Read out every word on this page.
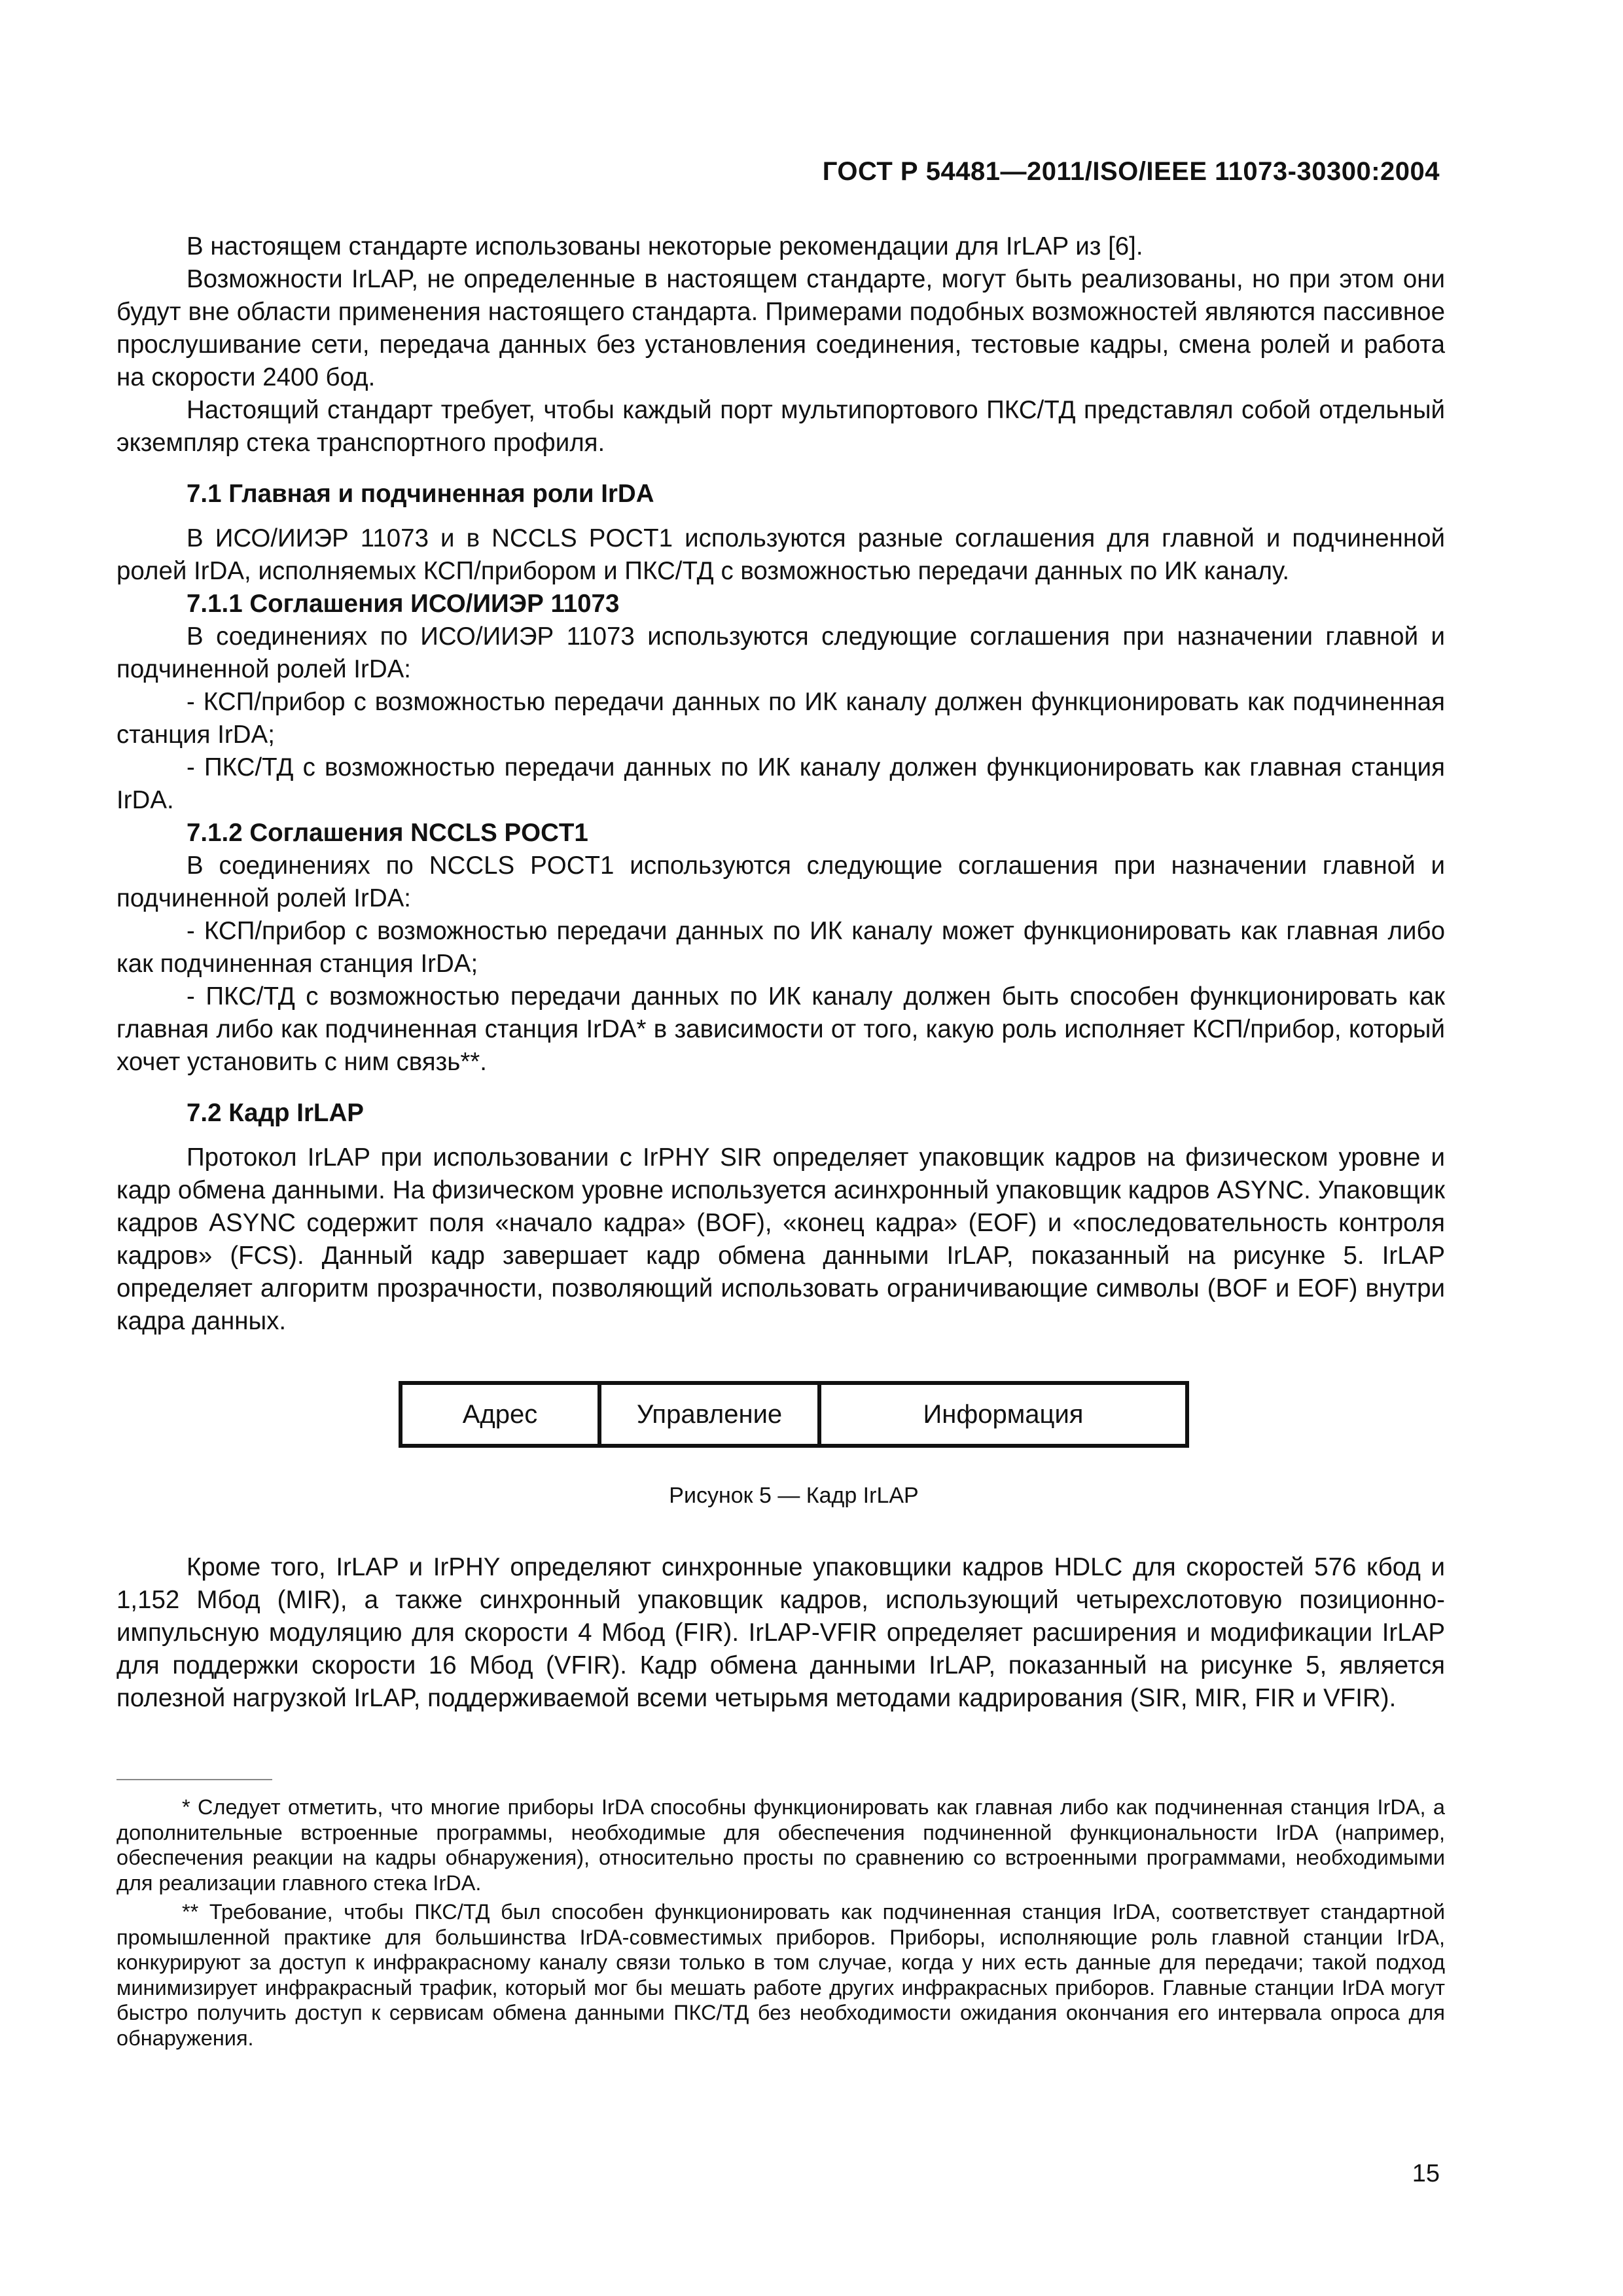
ГОСТ Р 54481—2011/ISO/IEEE 11073-30300:2004

В настоящем стандарте использованы некоторые рекомендации для IrLAP из [6].

Возможности IrLAP, не определенные в настоящем стандарте, могут быть реализованы, но при этом они будут вне области применения настоящего стандарта. Примерами подобных возможностей являются пассивное прослушивание сети, передача данных без установления соединения, тестовые кадры, смена ролей и работа на скорости 2400 бод.

Настоящий стандарт требует, чтобы каждый порт мультипортового ПКС/ТД представлял собой отдельный экземпляр стека транспортного профиля.

7.1 Главная и подчиненная роли IrDA

В ИСО/ИИЭР 11073 и в NCCLS POCT1 используются разные соглашения для главной и подчиненной ролей IrDA, исполняемых КСП/прибором и ПКС/ТД с возможностью передачи данных по ИК каналу.

7.1.1 Соглашения ИСО/ИИЭР 11073

В соединениях по ИСО/ИИЭР 11073 используются следующие соглашения при назначении главной и подчиненной ролей IrDA:

- КСП/прибор с возможностью передачи данных по ИК каналу должен функционировать как подчиненная станция IrDA;

- ПКС/ТД с возможностью передачи данных по ИК каналу должен функционировать как главная станция IrDA.

7.1.2 Соглашения NCCLS POCT1

В соединениях по NCCLS POCT1 используются следующие соглашения при назначении главной и подчиненной ролей IrDA:

- КСП/прибор с возможностью передачи данных по ИК каналу может функционировать как главная либо как подчиненная станция IrDA;

- ПКС/ТД с возможностью передачи данных по ИК каналу должен быть способен функционировать как главная либо как подчиненная станция IrDA* в зависимости от того, какую роль исполняет КСП/прибор, который хочет установить с ним связь**.

7.2 Кадр IrLAP

Протокол IrLAP при использовании с IrPHY SIR определяет упаковщик кадров на физическом уровне и кадр обмена данными. На физическом уровне используется асинхронный упаковщик кадров ASYNC. Упаковщик кадров ASYNC содержит поля «начало кадра» (BOF), «конец кадра» (EOF) и «последовательность контроля кадров» (FCS). Данный кадр завершает кадр обмена данными IrLAP, показанный на рисунке 5. IrLAP определяет алгоритм прозрачности, позволяющий использовать ограничивающие символы (BOF и EOF) внутри кадра данных.

Адрес	Управление	Информация
Рисунок 5 — Кадр IrLAP

Кроме того, IrLAP и IrPHY определяют синхронные упаковщики кадров HDLC для скоростей 576 кбод и 1,152 Мбод (MIR), а также синхронный упаковщик кадров, использующий четырехслотовую позиционно-импульсную модуляцию для скорости 4 Мбод (FIR). IrLAP-VFIR определяет расширения и модификации IrLAP для поддержки скорости 16 Мбод (VFIR). Кадр обмена данными IrLAP, показанный на рисунке 5, является полезной нагрузкой IrLAP, поддерживаемой всеми четырьмя методами кадрирования (SIR, MIR, FIR и VFIR).

* Следует отметить, что многие приборы IrDA способны функционировать как главная либо как подчиненная станция IrDA, а дополнительные встроенные программы, необходимые для обеспечения подчиненной функциональности IrDA (например, обеспечения реакции на кадры обнаружения), относительно просты по сравнению со встроенными программами, необходимыми для реализации главного стека IrDA.

** Требование, чтобы ПКС/ТД был способен функционировать как подчиненная станция IrDA, соответствует стандартной промышленной практике для большинства IrDA-совместимых приборов. Приборы, исполняющие роль главной станции IrDA, конкурируют за доступ к инфракрасному каналу связи только в том случае, когда у них есть данные для передачи; такой подход минимизирует инфракрасный трафик, который мог бы мешать работе других инфракрасных приборов. Главные станции IrDA могут быстро получить доступ к сервисам обмена данными ПКС/ТД без необходимости ожидания окончания его интервала опроса для обнаружения.

15
